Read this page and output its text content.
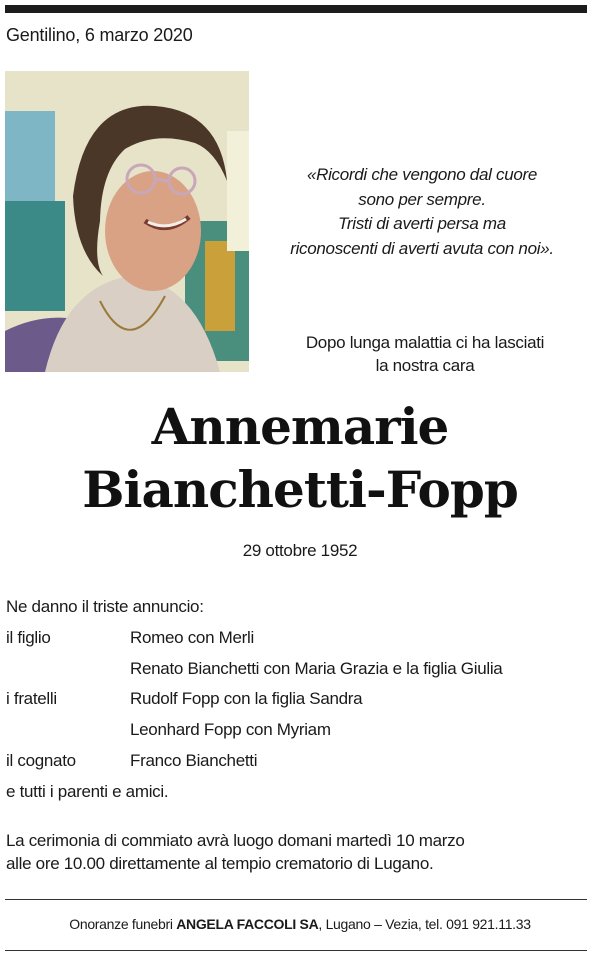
Gentilino, 6 marzo 2020
«Ricordi che vengono dal cuore
sono per sempre.
Tristi di averti persa ma
riconoscenti di averti avuta con noi».
Dopo lunga malattia ci ha lasciati
la nostra cara
Annemarie
Bianchetti-Fopp
29 ottobre 1952
Ne danno il triste annuncio:
il figlio	Romeo con Merli
Renato Bianchetti con Maria Grazia e la figlia Giulia
i fratelli	Rudolf Fopp con la figlia Sandra
Leonhard Fopp con Myriam
il cognato	Franco Bianchetti
e tutti i parenti e amici.
La cerimonia di commiato avrà luogo domani martedì 10 marzo
alle ore 10.00 direttamente al tempio crematorio di Lugano.
Onoranze funebri ANGELA FACCOLI SA, Lugano – Vezia, tel. 091 921.11.33
